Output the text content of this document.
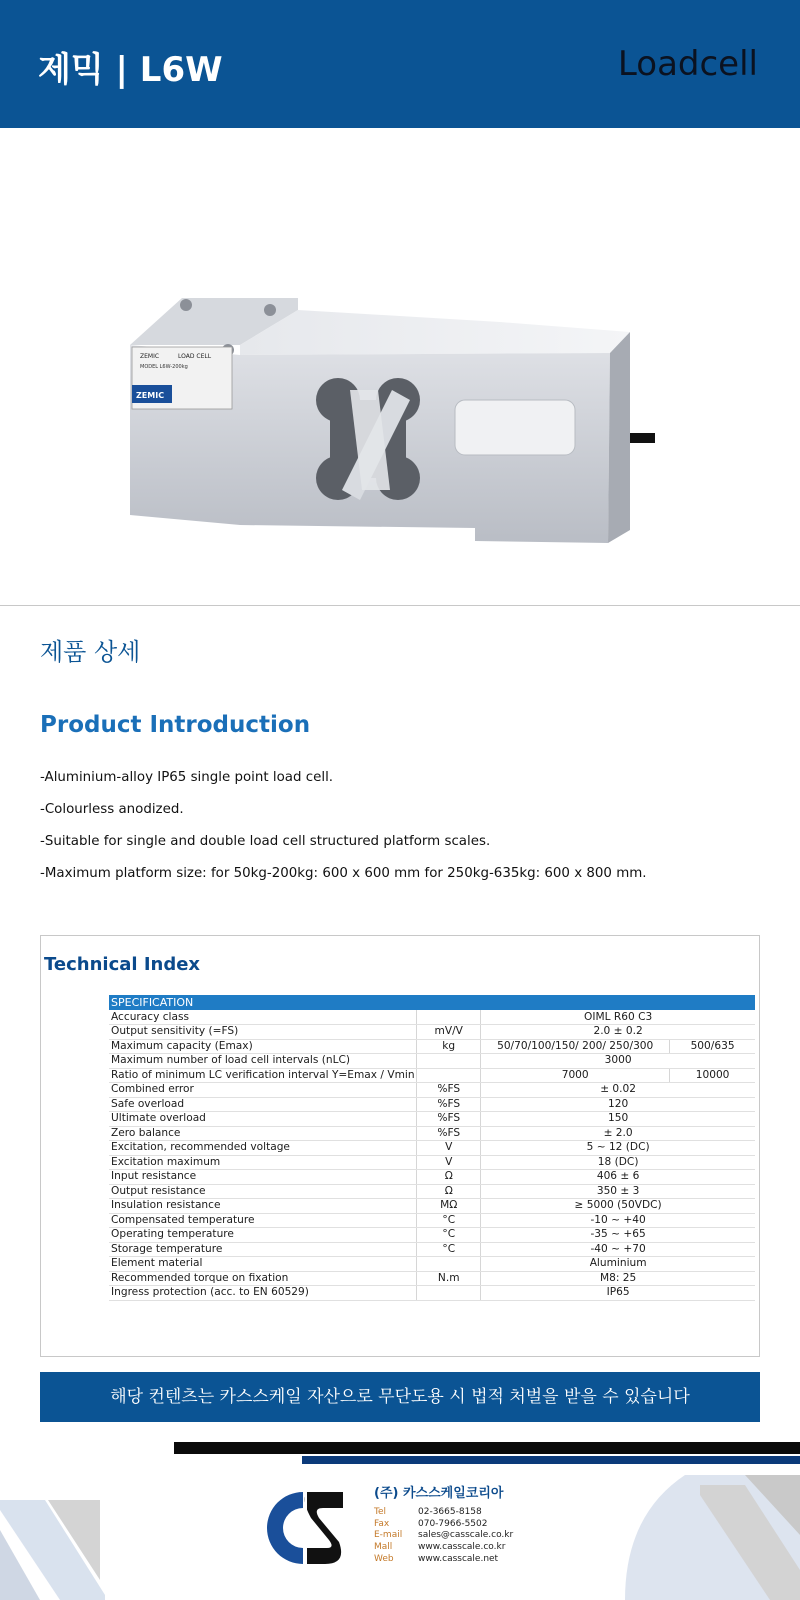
제믹 | L6W	Loadcell
ZEMIC	LOAD CELL
MODEL L6W-200kg
ZEMIC
제품 상세
Product Introduction
-Aluminium-alloy IP65 single point load cell.
-Colourless anodized.
-Suitable for single and double load cell structured platform scales.
-Maximum platform size: for 50kg-200kg: 600 x 600 mm for 250kg-635kg: 600 x 800 mm.
Technical Index
SPECIFICATION			
Accuracy class		OIML R60 C3	
Output sensitivity (=FS)	mV/V	2.0 ± 0.2	
Maximum capacity (Emax)	kg	50/70/100/150/ 200/ 250/300	500/635
Maximum number of load cell intervals (nLC)		3000	
Ratio of minimum LC verification interval Y=Emax / Vmin		7000	10000
Combined error	%FS	± 0.02	
Safe overload	%FS	120	
Ultimate overload	%FS	150	
Zero balance	%FS	± 2.0	
Excitation, recommended voltage	V	5 ~ 12 (DC)	
Excitation maximum	V	18 (DC)	
Input resistance	Ω	406 ± 6	
Output resistance	Ω	350 ± 3	
Insulation resistance	MΩ	≥ 5000 (50VDC)	
Compensated temperature	°C	-10 ~ +40	
Operating temperature	°C	-35 ~ +65	
Storage temperature	°C	-40 ~ +70	
Element material		Aluminium	
Recommended torque on fixation	N.m	M8: 25	
Ingress protection (acc. to EN 60529)		IP65	
해당 컨텐츠는 카스스케일 자산으로 무단도용 시 법적 처벌을 받을 수 있습니다
(주) 카스스케일코리아
Tel	02-3665-8158
Fax	070-7966-5502
E-mail sales@casscale.co.kr
Mall	www.casscale.co.kr
Web	www.casscale.net
